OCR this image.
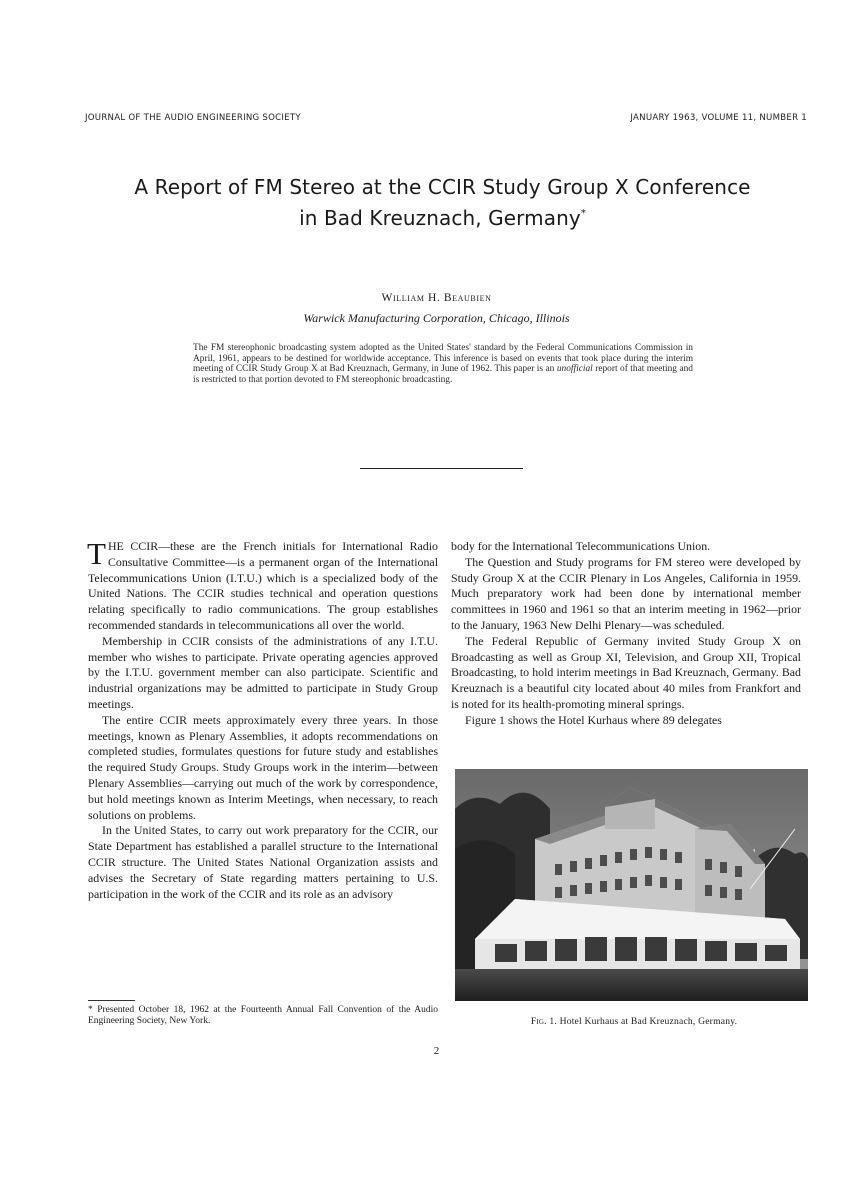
JOURNAL OF THE AUDIO ENGINEERING SOCIETY	JANUARY 1963, VOLUME 11, NUMBER 1
A Report of FM Stereo at the CCIR Study Group X Conference
in Bad Kreuznach, Germany*
William H. Beaubien
Warwick Manufacturing Corporation, Chicago, Illinois
The FM stereophonic broadcasting system adopted as the United States' standard by the Federal Communications Commission in April, 1961, appears to be destined for worldwide acceptance. This inference is based on events that took place during the interim meeting of CCIR Study Group X at Bad Kreuznach, Germany, in June of 1962. This paper is an unofficial report of that meeting and is restricted to that portion devoted to FM stereophonic broadcasting.

THE CCIR—these are the French initials for International Radio Consultative Committee—is a permanent organ of the International Telecommunications Union (I.T.U.) which is a specialized body of the United Nations. The CCIR studies technical and operation questions relating specifically to radio communications. The group establishes recommended standards in telecommunications all over the world.

Membership in CCIR consists of the administrations of any I.T.U. member who wishes to participate. Private operating agencies approved by the I.T.U. government member can also participate. Scientific and industrial organizations may be admitted to participate in Study Group meetings.

The entire CCIR meets approximately every three years. In those meetings, known as Plenary Assemblies, it adopts recommendations on completed studies, formulates questions for future study and establishes the required Study Groups. Study Groups work in the interim—between Plenary Assemblies—carrying out much of the work by correspondence, but hold meetings known as Interim Meetings, when necessary, to reach solutions on problems.

In the United States, to carry out work preparatory for the CCIR, our State Department has established a parallel structure to the International CCIR structure. The United States National Organization assists and advises the Secretary of State regarding matters pertaining to U.S. participation in the work of the CCIR and its role as an advisory

body for the International Telecommunications Union.

The Question and Study programs for FM stereo were developed by Study Group X at the CCIR Plenary in Los Angeles, California in 1959. Much preparatory work had been done by international member committees in 1960 and 1961 so that an interim meeting in 1962—prior to the January, 1963 New Delhi Plenary—was scheduled.

The Federal Republic of Germany invited Study Group X on Broadcasting as well as Group XI, Television, and Group XII, Tropical Broadcasting, to hold interim meetings in Bad Kreuznach, Germany. Bad Kreuznach is a beautiful city located about 40 miles from Frankfort and is noted for its health-promoting mineral springs.

Figure 1 shows the Hotel Kurhaus where 89 delegates

* Presented October 18, 1962 at the Fourteenth Annual Fall Convention of the Audio Engineering Society, New York.	Fig. 1. Hotel Kurhaus at Bad Kreuznach, Germany.
2
